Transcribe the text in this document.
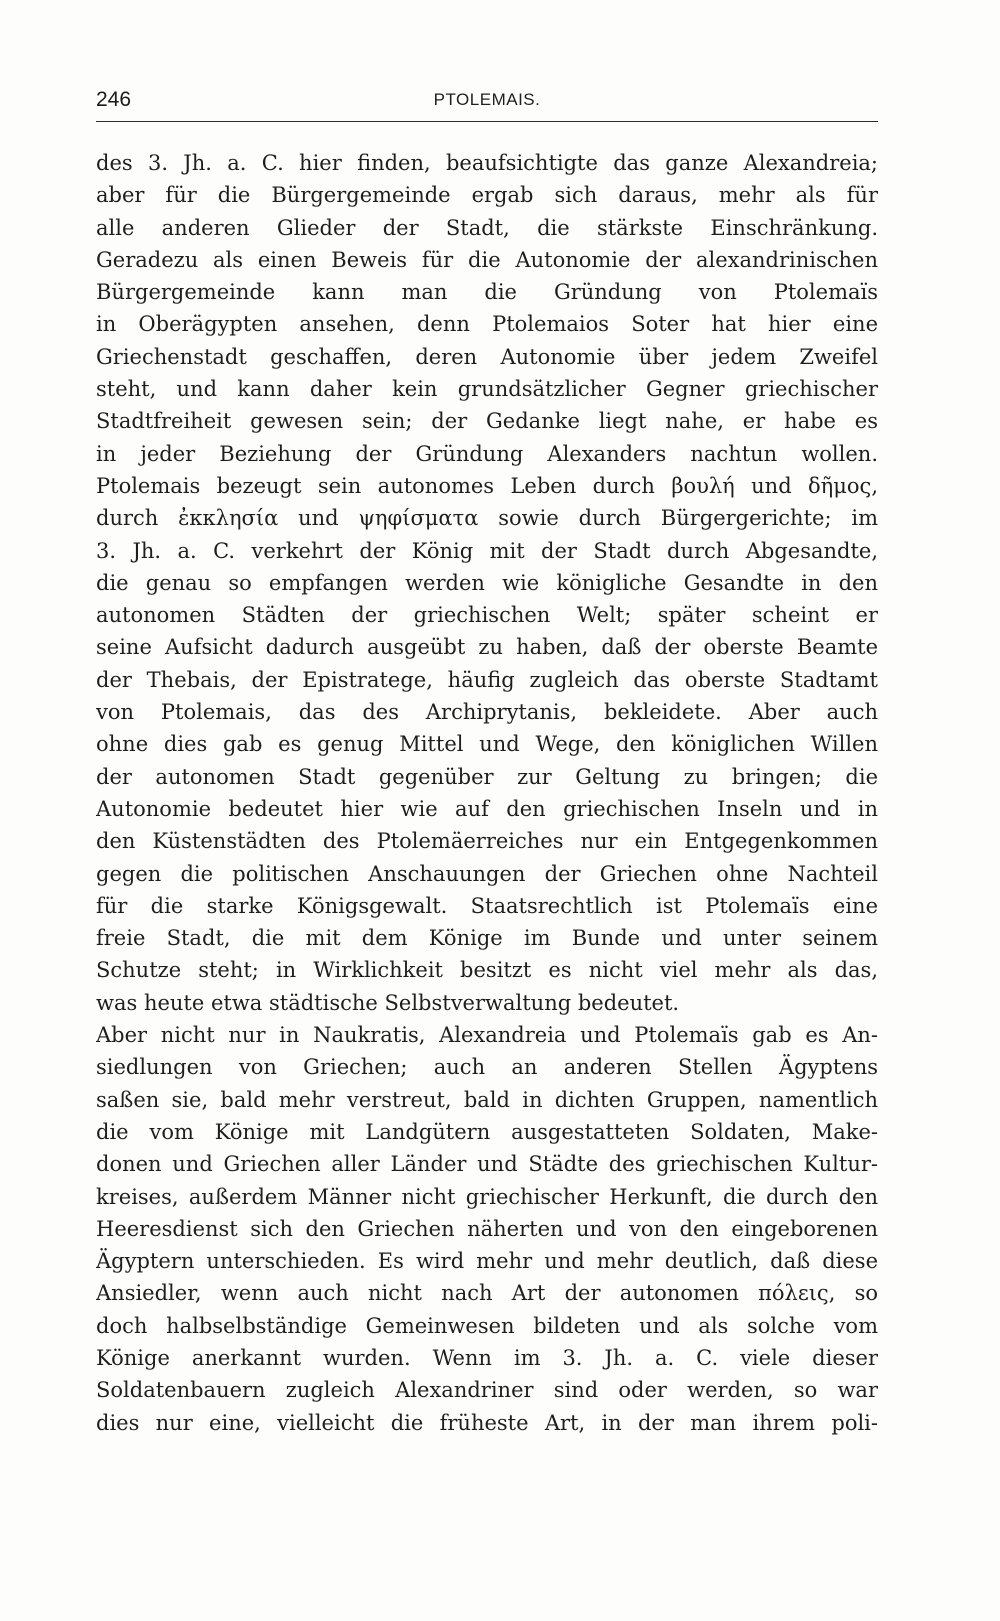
246	PTOLEMAIS.
des 3. Jh. a. C. hier finden, beaufsichtigte das ganze Alexandreia;
aber für die Bürgergemeinde ergab sich daraus, mehr als für
alle anderen Glieder der Stadt, die stärkste Einschränkung.
Geradezu als einen Beweis für die Autonomie der alexandrinischen
Bürgergemeinde kann man die Gründung von Ptolemaïs
in Oberägypten ansehen, denn Ptolemaios Soter hat hier eine
Griechenstadt geschaffen, deren Autonomie über jedem Zweifel
steht, und kann daher kein grundsätzlicher Gegner griechischer
Stadtfreiheit gewesen sein; der Gedanke liegt nahe, er habe es
in jeder Beziehung der Gründung Alexanders nachtun wollen.
Ptolemais bezeugt sein autonomes Leben durch βουλή und δῆμος,
durch ἐκκλησία und ψηφίσματα sowie durch Bürgergerichte; im
3. Jh. a. C. verkehrt der König mit der Stadt durch Abgesandte,
die genau so empfangen werden wie königliche Gesandte in den
autonomen Städten der griechischen Welt; später scheint er
seine Aufsicht dadurch ausgeübt zu haben, daß der oberste Beamte
der Thebais, der Epistratege, häufig zugleich das oberste Stadtamt
von Ptolemais, das des Archiprytanis, bekleidete. Aber auch
ohne dies gab es genug Mittel und Wege, den königlichen Willen
der autonomen Stadt gegenüber zur Geltung zu bringen; die
Autonomie bedeutet hier wie auf den griechischen Inseln und in
den Küstenstädten des Ptolemäerreiches nur ein Entgegenkommen
gegen die politischen Anschauungen der Griechen ohne Nachteil
für die starke Königsgewalt. Staatsrechtlich ist Ptolemaïs eine
freie Stadt, die mit dem Könige im Bunde und unter seinem
Schutze steht; in Wirklichkeit besitzt es nicht viel mehr als das,
was heute etwa städtische Selbstverwaltung bedeutet.
Aber nicht nur in Naukratis, Alexandreia und Ptolemaïs gab es An-
siedlungen von Griechen; auch an anderen Stellen Ägyptens
saßen sie, bald mehr verstreut, bald in dichten Gruppen, namentlich
die vom Könige mit Landgütern ausgestatteten Soldaten, Make-
donen und Griechen aller Länder und Städte des griechischen Kultur-
kreises, außerdem Männer nicht griechischer Herkunft, die durch den
Heeresdienst sich den Griechen näherten und von den eingeborenen
Ägyptern unterschieden. Es wird mehr und mehr deutlich, daß diese
Ansiedler, wenn auch nicht nach Art der autonomen πόλεις, so
doch halbselbständige Gemeinwesen bildeten und als solche vom
Könige anerkannt wurden. Wenn im 3. Jh. a. C. viele dieser
Soldatenbauern zugleich Alexandriner sind oder werden, so war
dies nur eine, vielleicht die früheste Art, in der man ihrem poli-
